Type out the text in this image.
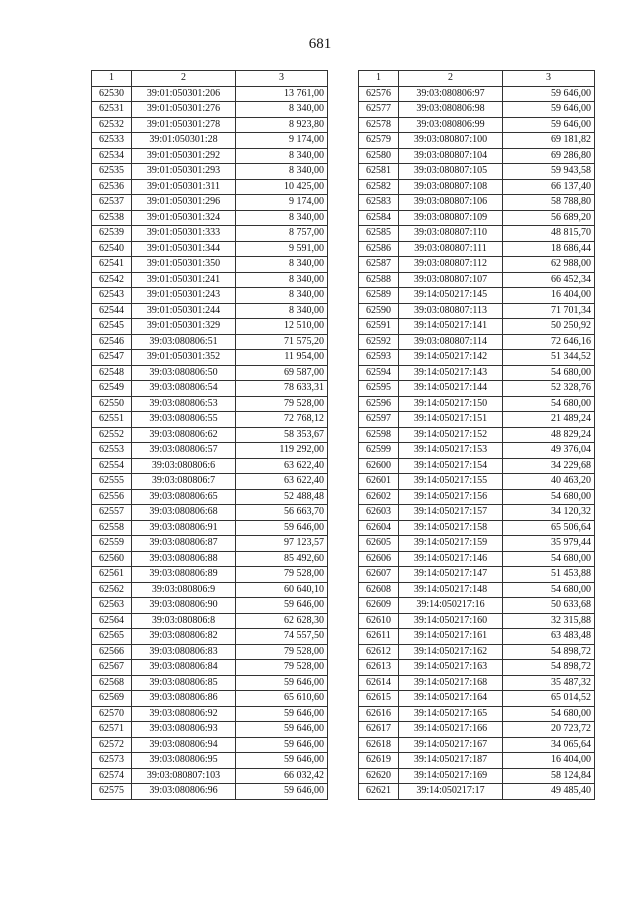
681
1	2	3
62530	39:01:050301:206	13 761,00
62531	39:01:050301:276	8 340,00
62532	39:01:050301:278	8 923,80
62533	39:01:050301:28	9 174,00
62534	39:01:050301:292	8 340,00
62535	39:01:050301:293	8 340,00
62536	39:01:050301:311	10 425,00
62537	39:01:050301:296	9 174,00
62538	39:01:050301:324	8 340,00
62539	39:01:050301:333	8 757,00
62540	39:01:050301:344	9 591,00
62541	39:01:050301:350	8 340,00
62542	39:01:050301:241	8 340,00
62543	39:01:050301:243	8 340,00
62544	39:01:050301:244	8 340,00
62545	39:01:050301:329	12 510,00
62546	39:03:080806:51	71 575,20
62547	39:01:050301:352	11 954,00
62548	39:03:080806:50	69 587,00
62549	39:03:080806:54	78 633,31
62550	39:03:080806:53	79 528,00
62551	39:03:080806:55	72 768,12
62552	39:03:080806:62	58 353,67
62553	39:03:080806:57	119 292,00
62554	39:03:080806:6	63 622,40
62555	39:03:080806:7	63 622,40
62556	39:03:080806:65	52 488,48
62557	39:03:080806:68	56 663,70
62558	39:03:080806:91	59 646,00
62559	39:03:080806:87	97 123,57
62560	39:03:080806:88	85 492,60
62561	39:03:080806:89	79 528,00
62562	39:03:080806:9	60 640,10
62563	39:03:080806:90	59 646,00
62564	39:03:080806:8	62 628,30
62565	39:03:080806:82	74 557,50
62566	39:03:080806:83	79 528,00
62567	39:03:080806:84	79 528,00
62568	39:03:080806:85	59 646,00
62569	39:03:080806:86	65 610,60
62570	39:03:080806:92	59 646,00
62571	39:03:080806:93	59 646,00
62572	39:03:080806:94	59 646,00
62573	39:03:080806:95	59 646,00
62574	39:03:080807:103	66 032,42
62575	39:03:080806:96	59 646,00
1	2	3
62576	39:03:080806:97	59 646,00
62577	39:03:080806:98	59 646,00
62578	39:03:080806:99	59 646,00
62579	39:03:080807:100	69 181,82
62580	39:03:080807:104	69 286,80
62581	39:03:080807:105	59 943,58
62582	39:03:080807:108	66 137,40
62583	39:03:080807:106	58 788,80
62584	39:03:080807:109	56 689,20
62585	39:03:080807:110	48 815,70
62586	39:03:080807:111	18 686,44
62587	39:03:080807:112	62 988,00
62588	39:03:080807:107	66 452,34
62589	39:14:050217:145	16 404,00
62590	39:03:080807:113	71 701,34
62591	39:14:050217:141	50 250,92
62592	39:03:080807:114	72 646,16
62593	39:14:050217:142	51 344,52
62594	39:14:050217:143	54 680,00
62595	39:14:050217:144	52 328,76
62596	39:14:050217:150	54 680,00
62597	39:14:050217:151	21 489,24
62598	39:14:050217:152	48 829,24
62599	39:14:050217:153	49 376,04
62600	39:14:050217:154	34 229,68
62601	39:14:050217:155	40 463,20
62602	39:14:050217:156	54 680,00
62603	39:14:050217:157	34 120,32
62604	39:14:050217:158	65 506,64
62605	39:14:050217:159	35 979,44
62606	39:14:050217:146	54 680,00
62607	39:14:050217:147	51 453,88
62608	39:14:050217:148	54 680,00
62609	39:14:050217:16	50 633,68
62610	39:14:050217:160	32 315,88
62611	39:14:050217:161	63 483,48
62612	39:14:050217:162	54 898,72
62613	39:14:050217:163	54 898,72
62614	39:14:050217:168	35 487,32
62615	39:14:050217:164	65 014,52
62616	39:14:050217:165	54 680,00
62617	39:14:050217:166	20 723,72
62618	39:14:050217:167	34 065,64
62619	39:14:050217:187	16 404,00
62620	39:14:050217:169	58 124,84
62621	39:14:050217:17	49 485,40
